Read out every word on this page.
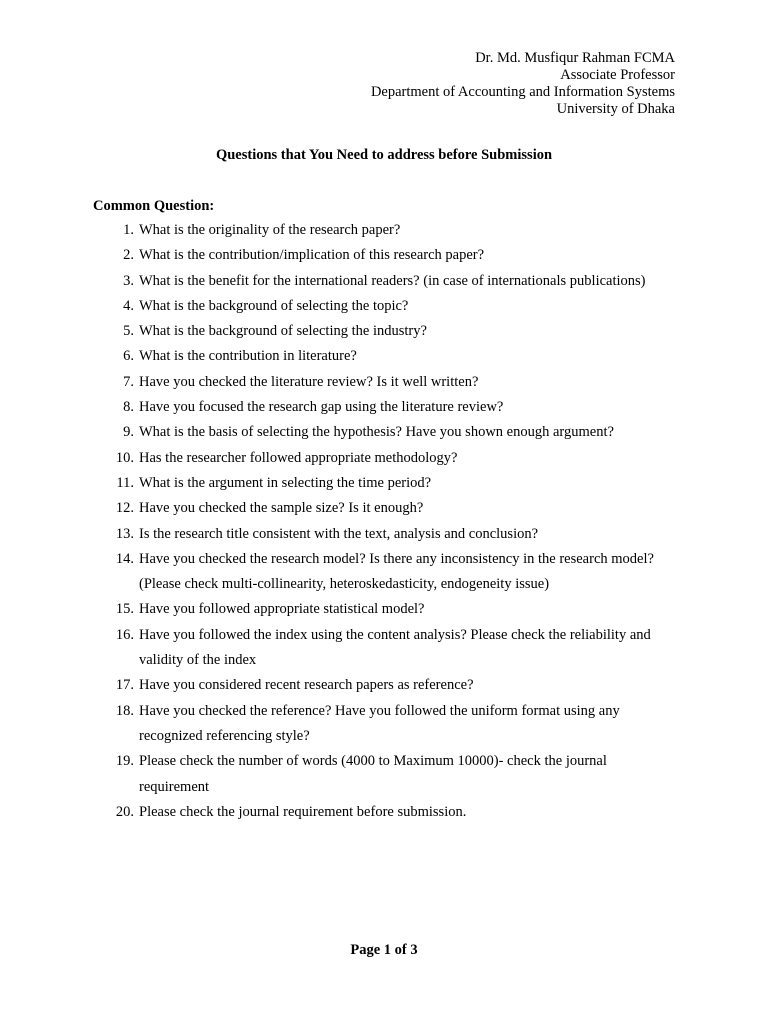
Dr. Md. Musfiqur Rahman FCMA
Associate Professor
Department of Accounting and Information Systems
University of Dhaka
Questions that You Need to address before Submission
Common Question:
1. What is the originality of the research paper?
2. What is the contribution/implication of this research paper?
3. What is the benefit for the international readers? (in case of internationals publications)
4. What is the background of selecting the topic?
5. What is the background of selecting the industry?
6. What is the contribution in literature?
7. Have you checked the literature review? Is it well written?
8. Have you focused the research gap using the literature review?
9. What is the basis of selecting the hypothesis? Have you shown enough argument?
10. Has the researcher followed appropriate methodology?
11. What is the argument in selecting the time period?
12. Have you checked the sample size? Is it enough?
13. Is the research title consistent with the text, analysis and conclusion?
14. Have you checked the research model? Is there any inconsistency in the research model? (Please check multi-collinearity, heteroskedasticity, endogeneity issue)
15. Have you followed appropriate statistical model?
16. Have you followed the index using the content analysis? Please check the reliability and validity of the index
17. Have you considered recent research papers as reference?
18. Have you checked the reference? Have you followed the uniform format using any recognized referencing style?
19. Please check the number of words (4000 to Maximum 10000)- check the journal requirement
20. Please check the journal requirement before submission.
Page 1 of 3
